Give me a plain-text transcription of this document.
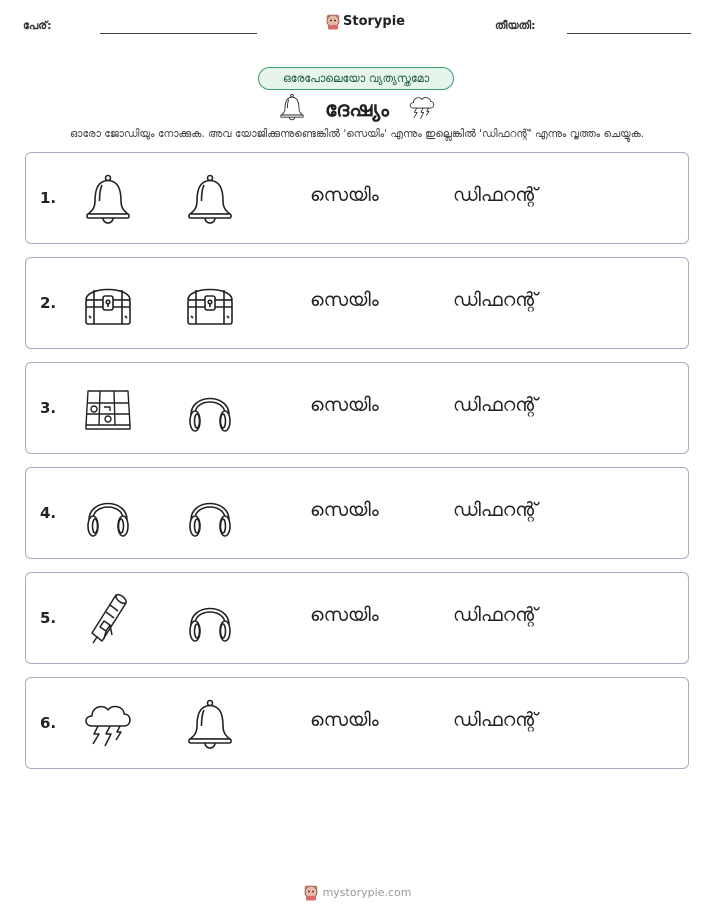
പേര്:	Storypie	തീയതി:
ഒരേപോലെയോ വ്യത്യസ്തമോ
ദേഷ്യം
ഓരോ ജോഡിയും നോക്കുക. അവ യോജിക്കുന്നുണ്ടെങ്കിൽ 'സെയിം' എന്നും ഇല്ലെങ്കിൽ 'ഡിഫറന്റ്' എന്നും വൃത്തം ചെയ്യുക.
1.	സെയിം	ഡിഫറന്റ്
2.	സെയിം	ഡിഫറന്റ്
3.	സെയിം	ഡിഫറന്റ്
4.	സെയിം	ഡിഫറന്റ്
5.	സെയിം	ഡിഫറന്റ്
6.	സെയിം	ഡിഫറന്റ്
mystorypie.com
